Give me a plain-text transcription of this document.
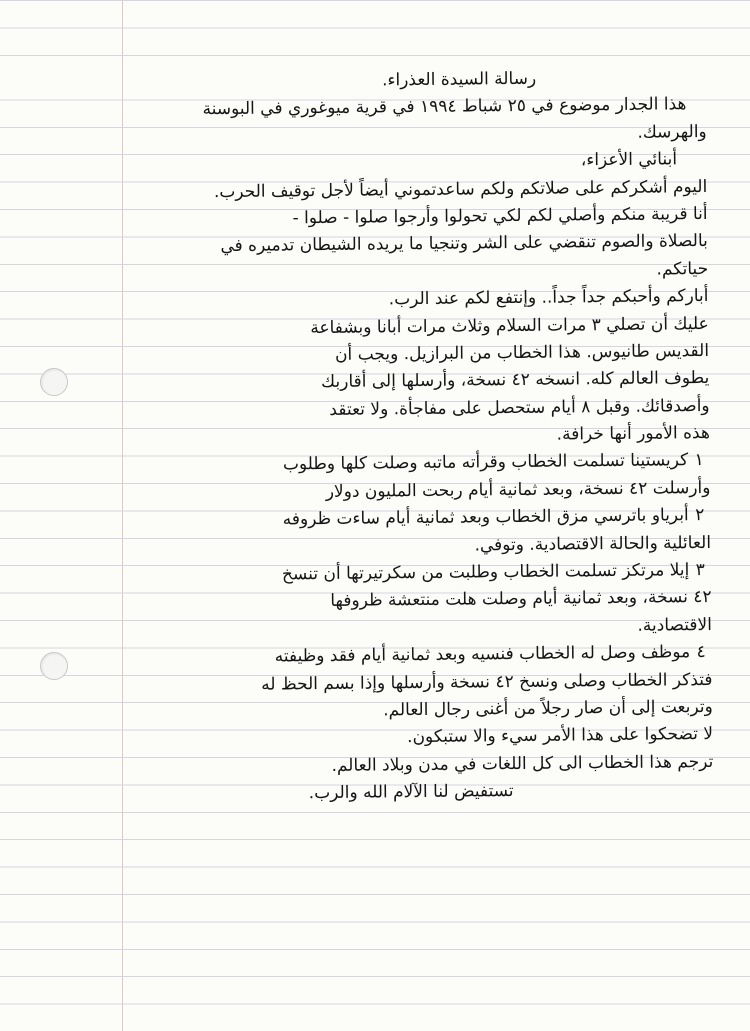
رسالة السيدة العذراء.
هذا الجدار موضوع في ٢٥ شباط ١٩٩٤ في قرية ميوغوري في البوسنة
والهرسك.
أبنائي الأعزاء،
اليوم أشكركم على صلاتكم ولكم ساعدتموني أيضاً لأجل توقيف الحرب.
أنا قريبة منكم وأصلي لكم لكي تحولوا وأرجوا صلوا - صلوا -
بالصلاة والصوم تنقضي على الشر وتنجيا ما يريده الشيطان تدميره في
حياتكم.
أباركم وأحبكم جداً جداً.. وإنتفع لكم عند الرب.
عليك أن تصلي ٣ مرات السلام وثلاث مرات أبانا وبشفاعة
القديس طانيوس. هذا الخطاب من البرازيل. ويجب أن
يطوف العالم كله. انسخه ٤٢ نسخة، وأرسلها إلى أقاربك
وأصدقائك. وقبل ٨ أيام ستحصل على مفاجأة. ولا تعتقد
هذه الأمور أنها خرافة.
١كريستينا تسلمت الخطاب وقرأته ماتبه وصلت كلها وطلوب
وأرسلت ٤٢ نسخة، وبعد ثمانية أيام ربحت المليون دولار
٢أبرياو باترسي مزق الخطاب وبعد ثمانية أيام ساءت ظروفه
العائلية والحالة الاقتصادية. وتوفي.
٣إيلا مرتكز تسلمت الخطاب وطلبت من سكرتيرتها أن تنسخ
٤٢ نسخة، وبعد ثمانية أيام وصلت هلت منتعشة ظروفها
الاقتصادية.
٤موظف وصل له الخطاب فنسيه وبعد ثمانية أيام فقد وظيفته
فتذكر الخطاب وصلى ونسخ ٤٢ نسخة وأرسلها وإذا بسم الحظ له
وتربعت إلى أن صار رجلاً من أغنى رجال العالم.
لا تضحكوا على هذا الأمر سيء والا ستبكون.
ترجم هذا الخطاب الى كل اللغات في مدن وبلاد العالم.
تستفيض لنا الآلام الله والرب.
